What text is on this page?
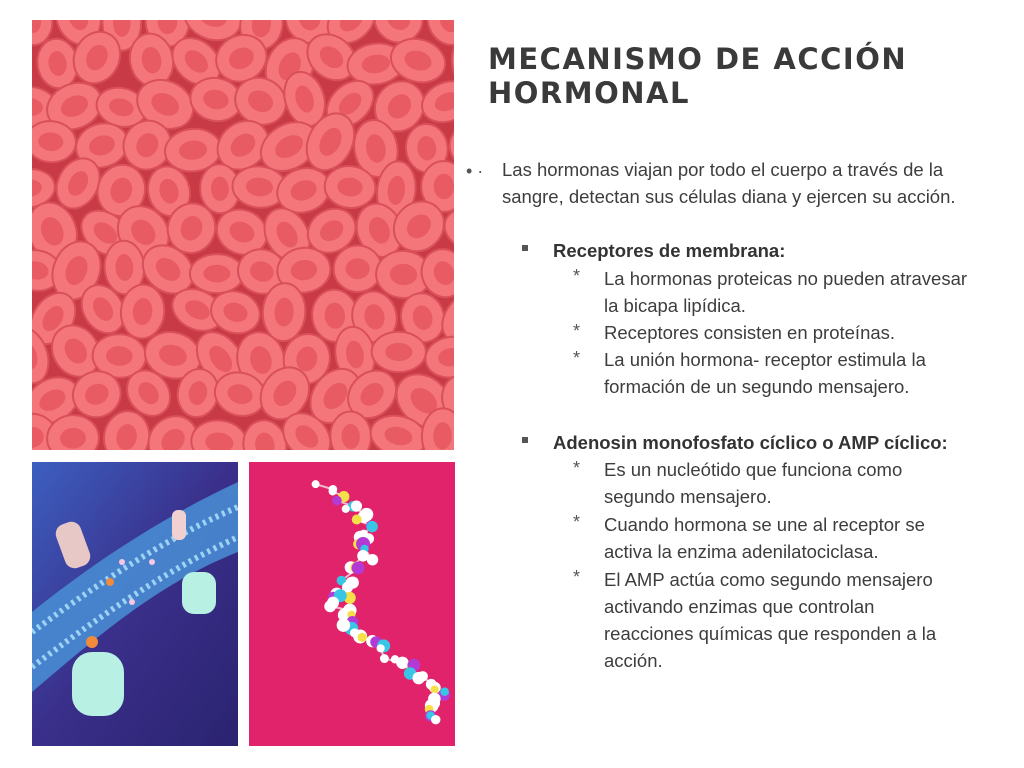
MECANISMO DE ACCIÓN
HORMONAL
• · Las hormonas viajan por todo el cuerpo a través de la
sangre, detectan sus células diana y ejercen su acción.
Receptores de membrana:
* La hormonas proteicas no pueden atravesar
la bicapa lipídica.
* Receptores consisten en proteínas.
* La unión hormona- receptor estimula la
formación de un segundo mensajero.
Adenosin monofosfato cíclico o AMP cíclico:
* Es un nucleótido que funciona como
segundo mensajero.
* Cuando hormona se une al receptor se
activa la enzima adenilatociclasa.
* El AMP actúa como segundo mensajero
activando enzimas que controlan
reacciones químicas que responden a la
acción.
